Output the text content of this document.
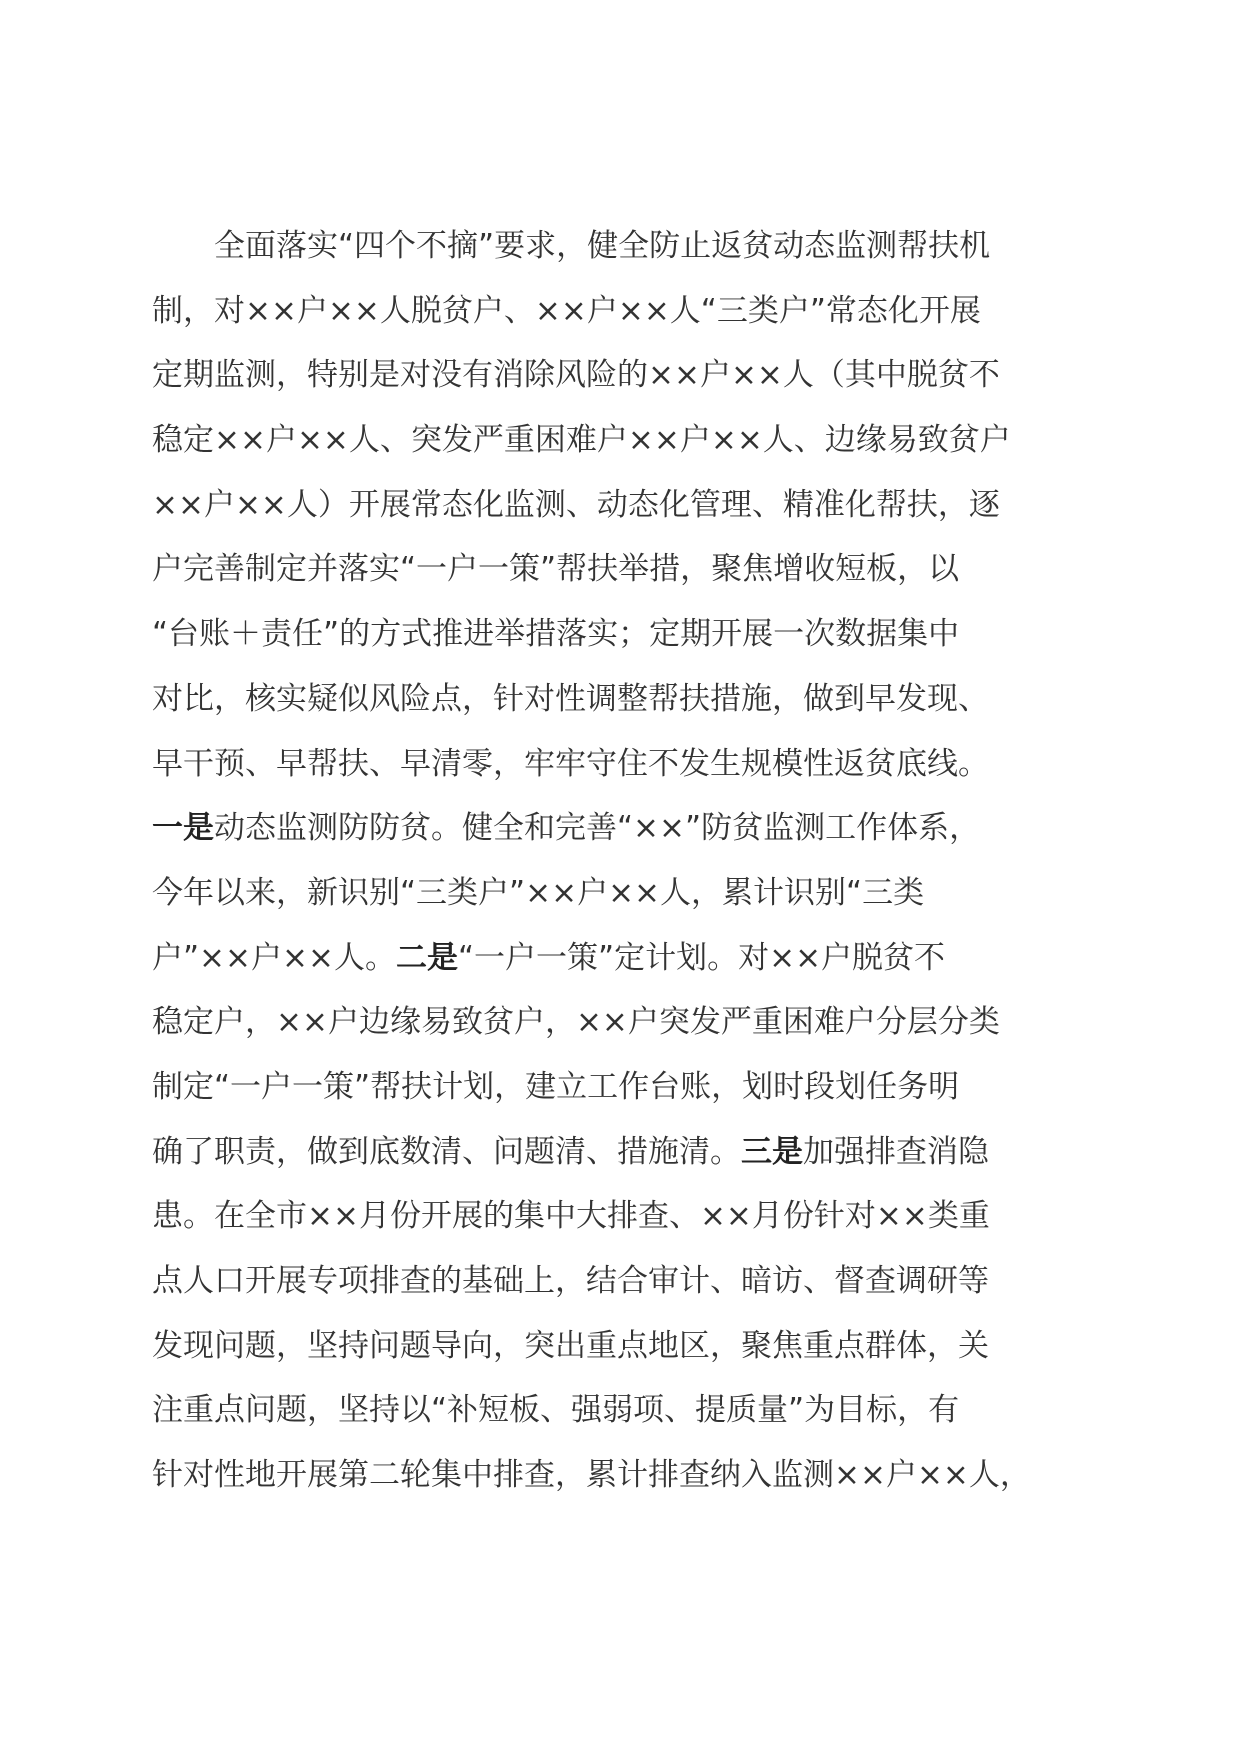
　　全面落实“四个不摘”要求，健全防止返贫动态监测帮扶机
制，对××户××人脱贫户、××户××人“三类户”常态化开展
定期监测，特别是对没有消除风险的××户××人（其中脱贫不
稳定××户××人、突发严重困难户××户××人、边缘易致贫户
××户××人）开展常态化监测、动态化管理、精准化帮扶，逐
户完善制定并落实“一户一策”帮扶举措，聚焦增收短板，以
“台账＋责任”的方式推进举措落实；定期开展一次数据集中
对比，核实疑似风险点，针对性调整帮扶措施，做到早发现、
早干预、早帮扶、早清零，牢牢守住不发生规模性返贫底线。
一是动态监测防防贫。健全和完善“××”防贫监测工作体系，
今年以来，新识别“三类户”××户××人，累计识别“三类
户”××户××人。二是“一户一策”定计划。对××户脱贫不
稳定户，××户边缘易致贫户，××户突发严重困难户分层分类
制定“一户一策”帮扶计划，建立工作台账，划时段划任务明
确了职责，做到底数清、问题清、措施清。三是加强排查消隐
患。在全市××月份开展的集中大排查、××月份针对××类重
点人口开展专项排查的基础上，结合审计、暗访、督查调研等
发现问题，坚持问题导向，突出重点地区，聚焦重点群体，关
注重点问题，坚持以“补短板、强弱项、提质量”为目标，有
针对性地开展第二轮集中排查，累计排查纳入监测××户××人，
